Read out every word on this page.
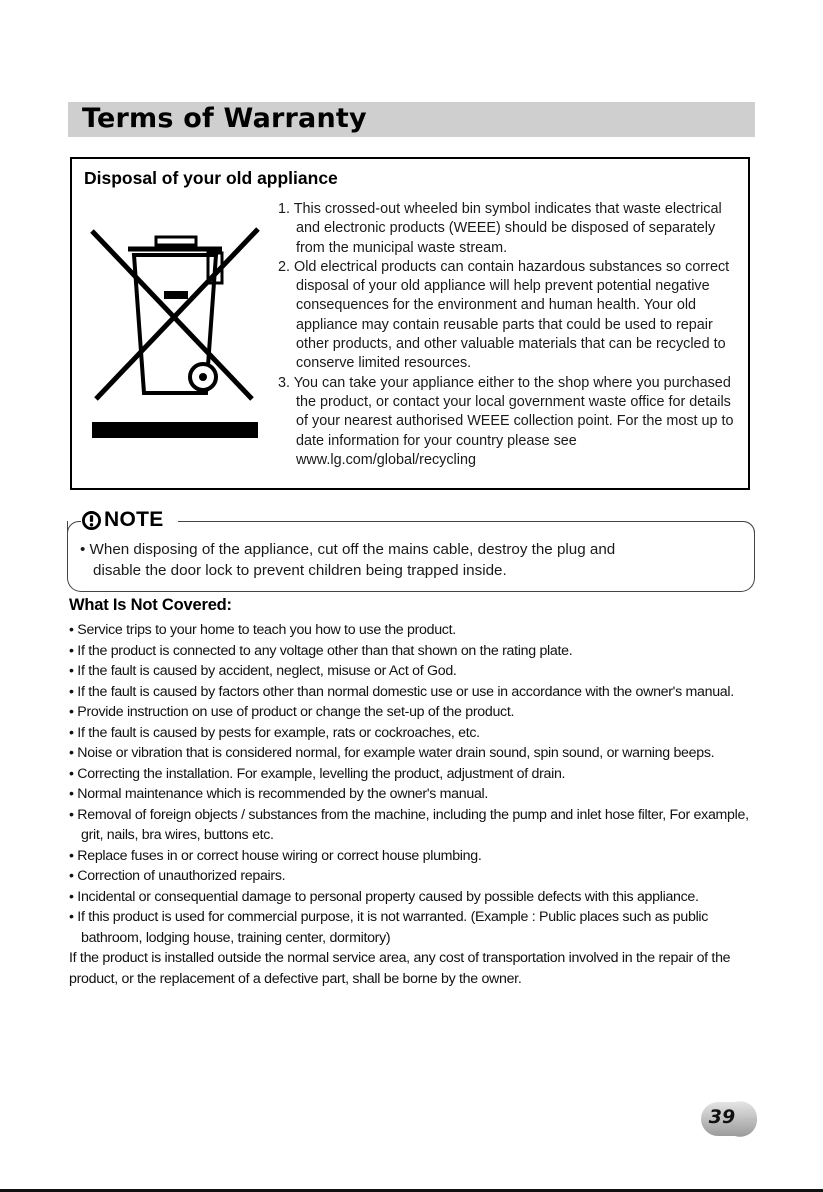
Terms of Warranty
Disposal of your old appliance
1. This crossed-out wheeled bin symbol indicates that waste electrical and electronic products (WEEE) should be disposed of separately from the municipal waste stream.
2. Old electrical products can contain hazardous substances so correct disposal of your old appliance will help prevent potential negative consequences for the environment and human health. Your old appliance may contain reusable parts that could be used to repair other products, and other valuable materials that can be recycled to conserve limited resources.
3. You can take your appliance either to the shop where you purchased the product, or contact your local government waste office for details of your nearest authorised WEEE collection point. For the most up to date information for your country please see www.lg.com/global/recycling
NOTE
• When disposing of the appliance, cut off the mains cable, destroy the plug and
disable the door lock to prevent children being trapped inside.
What Is Not Covered:
• Service trips to your home to teach you how to use the product.
• If the product is connected to any voltage other than that shown on the rating plate.
• If the fault is caused by accident, neglect, misuse or Act of God.
• If the fault is caused by factors other than normal domestic use or use in accordance with the owner's manual.
• Provide instruction on use of product or change the set-up of the product.
• If the fault is caused by pests for example, rats or cockroaches, etc.
• Noise or vibration that is considered normal, for example water drain sound, spin sound, or warning beeps.
• Correcting the installation. For example, levelling the product, adjustment of drain.
• Normal maintenance which is recommended by the owner's manual.
• Removal of foreign objects / substances from the machine, including the pump and inlet hose filter, For example, grit, nails, bra wires, buttons etc.
• Replace fuses in or correct house wiring or correct house plumbing.
• Correction of unauthorized repairs.
• Incidental or consequential damage to personal property caused by possible defects with this appliance.
• If this product is used for commercial purpose, it is not warranted. (Example : Public places such as public bathroom, lodging house, training center, dormitory)
If the product is installed outside the normal service area, any cost of transportation involved in the repair of the product, or the replacement of a defective part, shall be borne by the owner.
39
